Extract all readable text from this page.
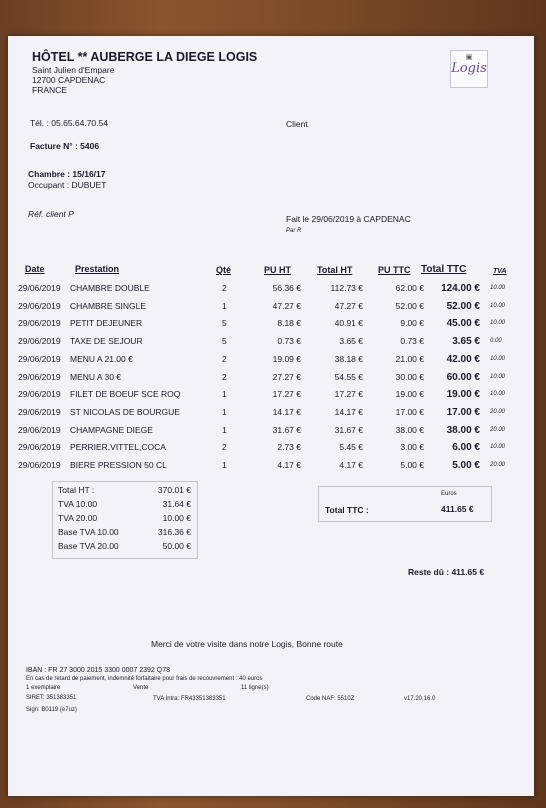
HÔTEL ** AUBERGE LA DIEGE LOGIS
Saint Julien d'Empare
12700 CAPDENAC
FRANCE
▣
Logis
Tél. : 05.65.64.70.54	Client
Facture N° : 5406
Chambre : 15/16/17
Occupant : DUBUET
Réf. client P	Fait le 29/06/2019 à CAPDENAC
Par R
Date	Prestation	Qté	PU HT	Total HT	PU TTC Total TTC	TVA
29/06/2019 CHAMBRE DOUBLE	2	56.36 €	112.73 €	62.00 € 124.00 € 10.00
29/06/2019 CHAMBRE SINGLE	1	47.27 €	47.27 €	52.00 € 52.00 € 10.00
29/06/2019 PETIT DEJEUNER	5	8.18 €	40.91 €	9.00 € 45.00 € 10.00
29/06/2019 TAXE DE SEJOUR	5	0.73 €	3.65 €	0.73 €	3.65 € 0.00
29/06/2019 MENU A 21.00 €	2	19.09 €	38.18 €	21.00 € 42.00 € 10.00
29/06/2019 MENU A 30 €	2	27.27 €	54.55 €	30.00 € 60.00 € 10.00
29/06/2019 FILET DE BOEUF SCE ROQ	1	17.27 €	17.27 €	19.00 € 19.00 € 10.00
29/06/2019 ST NICOLAS DE BOURGUE	1	14.17 €	14.17 €	17.00 € 17.00 € 20.00
29/06/2019 CHAMPAGNE DIEGE	1	31.67 €	31.67 €	38.00 € 38.00 € 20.00
29/06/2019 PERRIER,VITTEL,COCA	2	2.73 €	5.45 €	3.00 €	6.00 € 10.00
29/06/2019 BIERE PRESSION 50 CL	1	4.17 €	4.17 €	5.00 €	5.00 € 20.00
Total HT :	370.01 €
TVA 10.00	31.64 €
TVA 20.00	10.00 €
Base TVA 10.00	316.36 €
Base TVA 20.00	50.00 €
Euros
Total TTC :	411.65 €
Reste dû : 411.65 €
Merci de votre visite dans notre Logis, Bonne route
IBAN : FR 27 3000 2015 3300 0007 2392 Q78
En cas de retard de paiement, indemnité forfaitaire pour frais de recouvrement : 40 euros
1 exemplaire	Vente	11 ligne(s)
SIRET: 351383351	TVA Intra: FR43351383351	Code NAF: 5510Z	v17.20.16.0
Sign: B0119 (e7uz)
